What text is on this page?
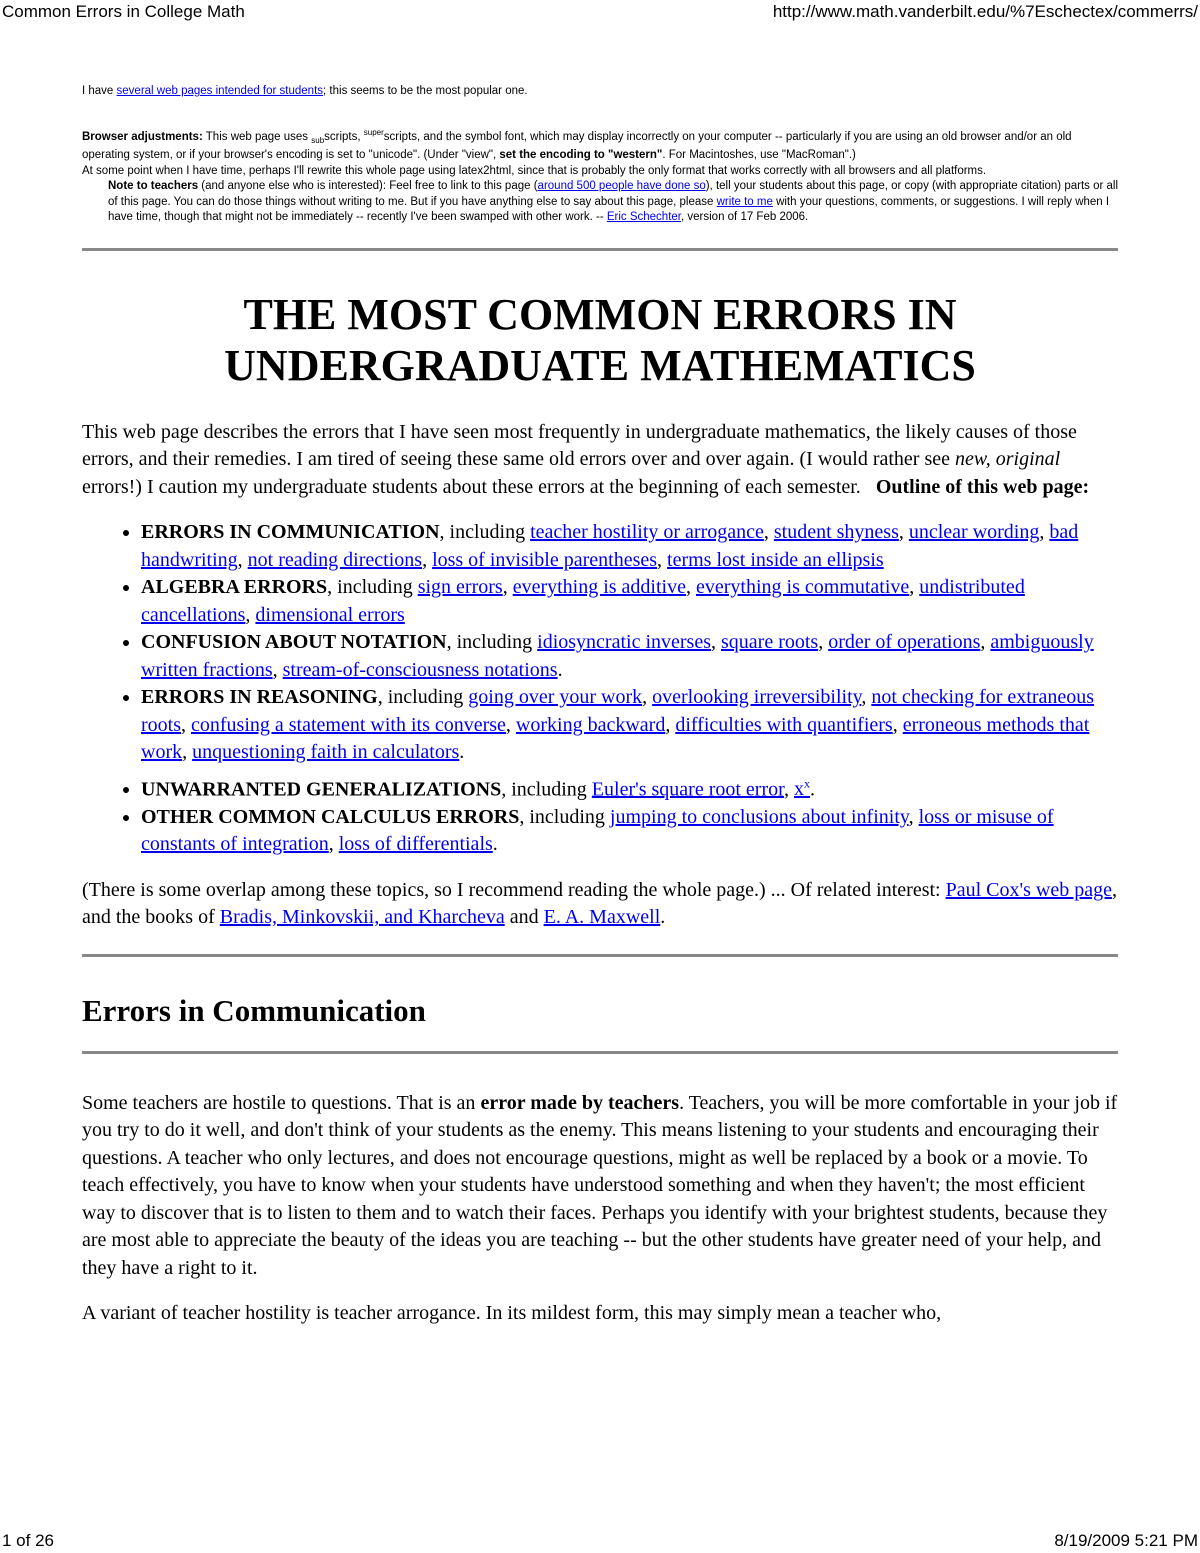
Common Errors in College Math	http://www.math.vanderbilt.edu/%7Eschectex/commerrs/

I have several web pages intended for students; this seems to be the most popular one.

Browser adjustments: This web page uses $_{sub}$scripts, $^{super}$scripts, and the symbol font, which may display incorrectly on your computer -- particularly if you are using an old browser and/or an old operating system, or if your browser's encoding is set to "unicode". (Under "view", set the encoding to "western". For Macintoshes, use "MacRoman".)
At some point when I have time, perhaps I'll rewrite this whole page using latex2html, since that is probably the only format that works correctly with all browsers and all platforms.

Note to teachers (and anyone else who is interested): Feel free to link to this page (around 500 people have done so), tell your students about this page, or copy (with appropriate citation) parts or all of this page. You can do those things without writing to me. But if you have anything else to say about this page, please write to me with your questions, comments, or suggestions. I will reply when I have time, though that might not be immediately -- recently I've been swamped with other work. -- Eric Schechter, version of 17 Feb 2006.

THE MOST COMMON ERRORS IN
UNDERGRADUATE MATHEMATICS

This web page describes the errors that I have seen most frequently in undergraduate mathematics, the likely causes of those errors, and their remedies. I am tired of seeing these same old errors over and over again. (I would rather see new, original errors!) I caution my undergraduate students about these errors at the beginning of each semester. Outline of this web page:

• ERRORS IN COMMUNICATION, including teacher hostility or arrogance, student shyness, unclear wording, bad handwriting, not reading directions, loss of invisible parentheses, terms lost inside an ellipsis
• ALGEBRA ERRORS, including sign errors, everything is additive, everything is commutative, undistributed cancellations, dimensional errors
• CONFUSION ABOUT NOTATION, including idiosyncratic inverses, square roots, order of operations, ambiguously written fractions, stream-of-consciousness notations.
• ERRORS IN REASONING, including going over your work, overlooking irreversibility, not checking for extraneous roots, confusing a statement with its converse, working backward, difficulties with quantifiers, erroneous methods that work, unquestioning faith in calculators.
• UNWARRANTED GENERALIZATIONS, including Euler's square root error, x$^x$.
• OTHER COMMON CALCULUS ERRORS, including jumping to conclusions about infinity, loss or misuse of constants of integration, loss of differentials.

(There is some overlap among these topics, so I recommend reading the whole page.) ... Of related interest: Paul Cox's web page, and the books of Bradis, Minkovskii, and Kharcheva and E. A. Maxwell.

Errors in Communication

Some teachers are hostile to questions. That is an error made by teachers. Teachers, you will be more comfortable in your job if you try to do it well, and don't think of your students as the enemy. This means listening to your students and encouraging their questions. A teacher who only lectures, and does not encourage questions, might as well be replaced by a book or a movie. To teach effectively, you have to know when your students have understood something and when they haven't; the most efficient way to discover that is to listen to them and to watch their faces. Perhaps you identify with your brightest students, because they are most able to appreciate the beauty of the ideas you are teaching -- but the other students have greater need of your help, and they have a right to it.

A variant of teacher hostility is teacher arrogance. In its mildest form, this may simply mean a teacher who,

1 of 26	8/19/2009 5:21 PM
